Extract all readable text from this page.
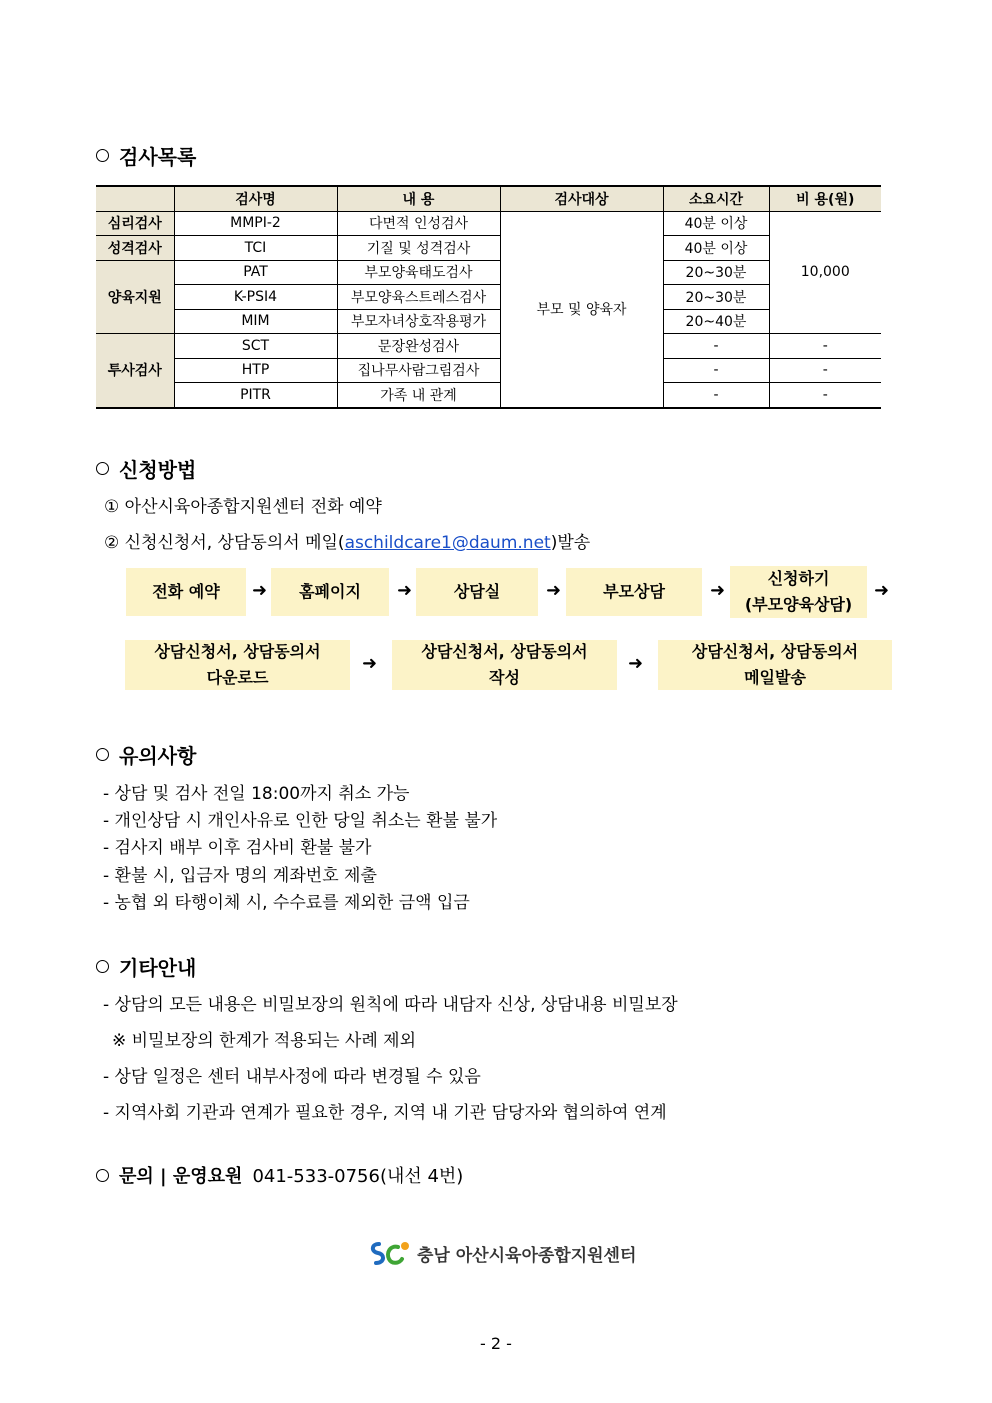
검사목록
	검사명	내 용	검사대상	소요시간	비 용(원)
심리검사	MMPI-2	다면적 인성검사	부모 및 양육자	40분 이상	10,000
성격검사	TCI	기질 및 성격검사		40분 이상	
양육지원	PAT	부모양육태도검사		20~30분	
	K-PSI4	부모양육스트레스검사		20~30분	
	MIM	부모자녀상호작용평가		20~40분	
투사검사	SCT	문장완성검사		-	-
	HTP	집나무사람그림검사		-	-
	PITR	가족 내 관계		-	-
신청방법
① 아산시육아종합지원센터 전화 예약
② 신청신청서, 상담동의서 메일(aschildcare1@daum.net)발송
전화 예약	➜	홈페이지	➜	상담실	➜	부모상담	➜
신청하기
(부모양육상담)
➜
상담신청서, 상담동의서
다운로드
➜
상담신청서, 상담동의서
작성
➜
상담신청서, 상담동의서
메일발송
유의사항
- 상담 및 검사 전일 18:00까지 취소 가능
- 개인상담 시 개인사유로 인한 당일 취소는 환불 불가
- 검사지 배부 이후 검사비 환불 불가
- 환불 시, 입금자 명의 계좌번호 제출
- 농협 외 타행이체 시, 수수료를 제외한 금액 입금
기타안내
- 상담의 모든 내용은 비밀보장의 원칙에 따라 내담자 신상, 상담내용 비밀보장
※ 비밀보장의 한계가 적용되는 사례 제외
- 상담 일정은 센터 내부사정에 따라 변경될 수 있음
- 지역사회 기관과 연계가 필요한 경우, 지역 내 기관 담당자와 협의하여 연계
문의 | 운영요원 041-533-0756(내선 4번)
충남 아산시육아종합지원센터
- 2 -
